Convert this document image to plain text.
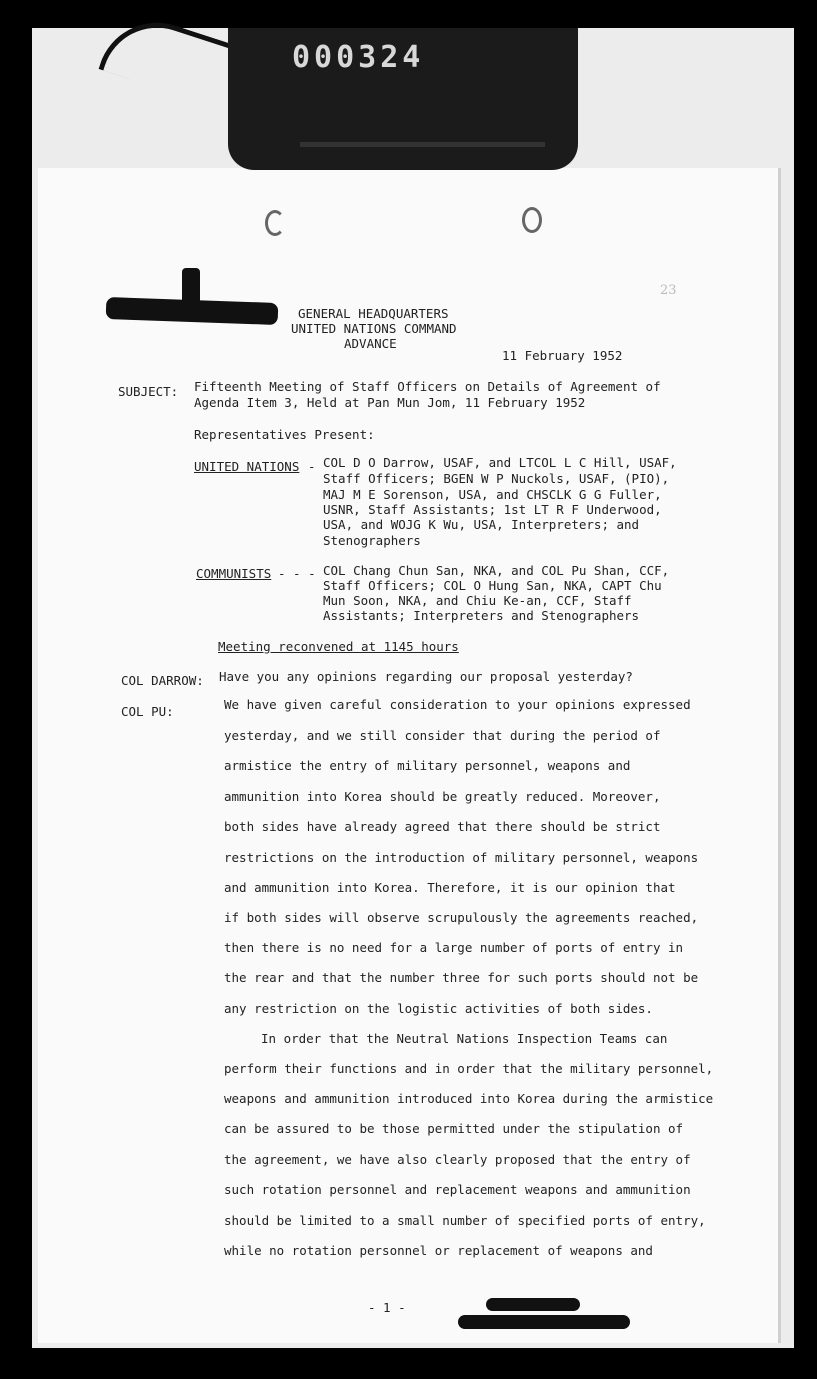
000324
23
GENERAL HEADQUARTERS
UNITED NATIONS COMMAND
ADVANCE
11 February 1952
SUBJECT: Fifteenth Meeting of Staff Officers on Details of Agreement of
Agenda Item 3, Held at Pan Mun Jom, 11 February 1952
Representatives Present:
UNITED NATIONS - COL D O Darrow, USAF, and LTCOL L C Hill, USAF,
Staff Officers; BGEN W P Nuckols, USAF, (PIO),
MAJ M E Sorenson, USA, and CHSCLK G G Fuller,
USNR, Staff Assistants; 1st LT R F Underwood,
USA, and WOJG K Wu, USA, Interpreters; and
Stenographers
COMMUNISTS - - - COL Chang Chun San, NKA, and COL Pu Shan, CCF,
Staff Officers; COL O Hung San, NKA, CAPT Chu
Mun Soon, NKA, and Chiu Ke-an, CCF, Staff
Assistants; Interpreters and Stenographers
Meeting reconvened at 1145 hours
COL DARROW: Have you any opinions regarding our proposal yesterday?
COL PU:	We have given careful consideration to your opinions expressed
yesterday, and we still consider that during the period of
armistice the entry of military personnel, weapons and
ammunition into Korea should be greatly reduced. Moreover,
both sides have already agreed that there should be strict
restrictions on the introduction of military personnel, weapons
and ammunition into Korea. Therefore, it is our opinion that
if both sides will observe scrupulously the agreements reached,
then there is no need for a large number of ports of entry in
the rear and that the number three for such ports should not be
any restriction on the logistic activities of both sides.
In order that the Neutral Nations Inspection Teams can
perform their functions and in order that the military personnel,
weapons and ammunition introduced into Korea during the armistice
can be assured to be those permitted under the stipulation of
the agreement, we have also clearly proposed that the entry of
such rotation personnel and replacement weapons and ammunition
should be limited to a small number of specified ports of entry,
while no rotation personnel or replacement of weapons and
- 1 -
